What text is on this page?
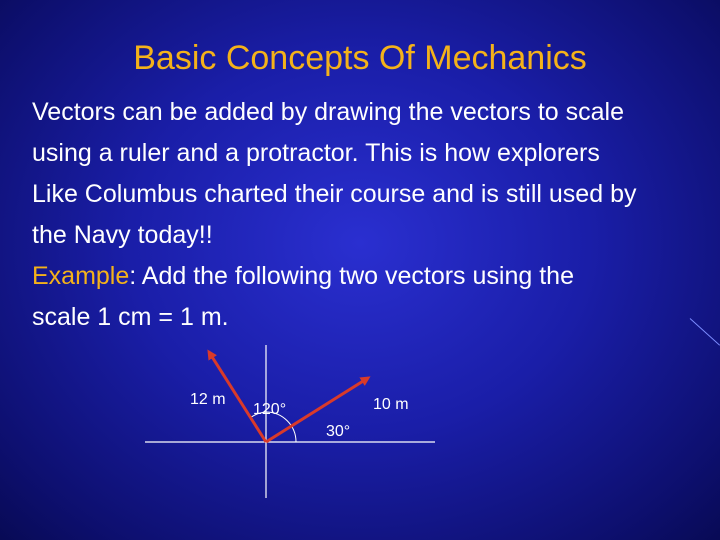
Basic Concepts Of Mechanics
Vectors can be added by drawing the vectors to scale
using a ruler and a protractor. This is how explorers
Like Columbus charted their course and is still used by
the Navy today!!
Example: Add the following two vectors using the
scale 1 cm = 1 m.
12 m	10 m
120°
30°
